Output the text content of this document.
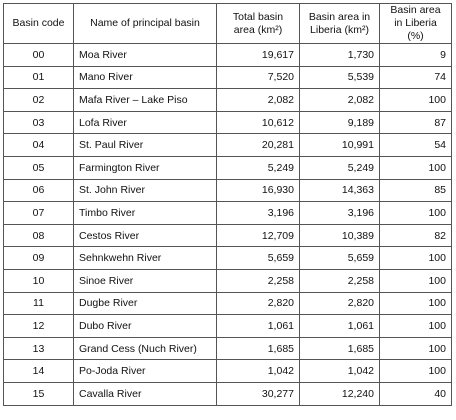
Basin code	Name of principal basin	Total basin area (km²)	Basin area in Liberia (km²)	Basin area in Liberia (%)
00	Moa River	19,617	1,730	9
01	Mano River	7,520	5,539	74
02	Mafa River – Lake Piso	2,082	2,082	100
03	Lofa River	10,612	9,189	87
04	St. Paul River	20,281	10,991	54
05	Farmington River	5,249	5,249	100
06	St. John River	16,930	14,363	85
07	Timbo River	3,196	3,196	100
08	Cestos River	12,709	10,389	82
09	Sehnkwehn River	5,659	5,659	100
10	Sinoe River	2,258	2,258	100
11	Dugbe River	2,820	2,820	100
12	Dubo River	1,061	1,061	100
13	Grand Cess (Nuch River)	1,685	1,685	100
14	Po-Joda River	1,042	1,042	100
15	Cavalla River	30,277	12,240	40
